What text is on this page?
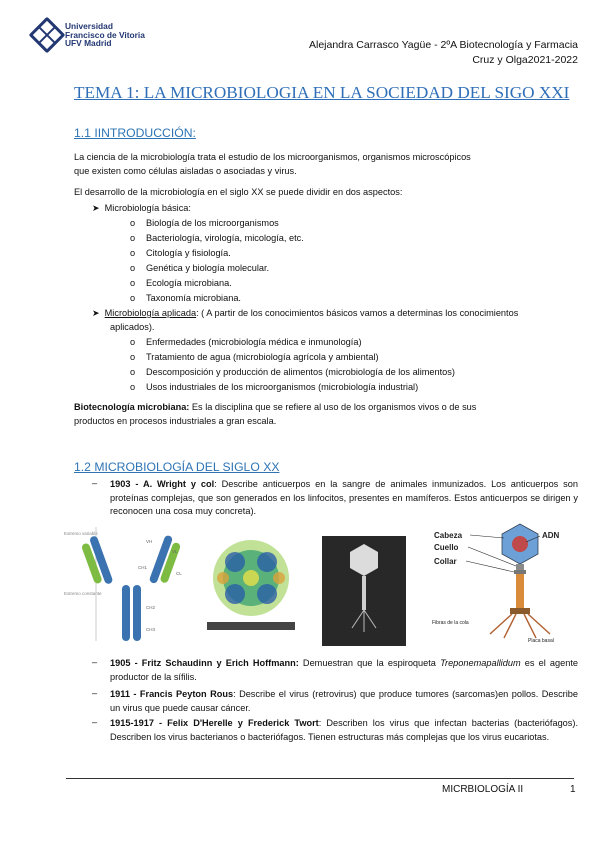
Universidad
Francisco de Vitoria
UFV Madrid	Alejandra Carrasco Yagüe - 2ºA Biotecnología y Farmacia
Cruz y Olga2021-2022
TEMA 1: LA MICROBIOLOGIA EN LA SOCIEDAD DEL SIGO XXI
1.1 IINTRODUCCIÓN:
La ciencia de la microbiología trata el estudio de los microorganismos, organismos microscópicos
que existen como células aisladas o asociadas y virus.
El desarrollo de la microbiología en el siglo XX se puede dividir en dos aspectos:
➤ Microbiología básica:
o Biología de los microorganismos
o Bacteriología, virología, micología, etc.
o Citología y fisiología.
o Genética y biología molecular.
o Ecología microbiana.
o Taxonomía microbiana.
➤ Microbiología aplicada: ( A partir de los conocimientos básicos vamos a determinas los conocimientos
aplicados).
o Enfermedades (microbiología médica e inmunología)
o Tratamiento de agua (microbiología agrícola y ambiental)
o Descomposición y producción de alimentos (microbiología de los alimentos)
o Usos industriales de los microorganismos (microbiología industrial)
Biotecnología microbiana: Es la disciplina que se refiere al uso de los organismos vivos o de sus
productos en procesos industriales a gran escala.
1.2 MICROBIOLOGÍA DEL SIGLO XX
– 1903 - A. Wright y col: Describe anticuerpos en la sangre de animales inmunizados. Los anticuerpos son proteínas complejas, que son generados en los linfocitos, presentes en mamíferos. Estos anticuerpos se dirigen y reconocen una cosa muy concreta).
Extremo variable
Extremo constante
VH
VL
CH1
CL
CH2
CH3
Cabeza
Cuello
Collar
ADN
Fibras de la cola
Placa basal
– 1905 - Fritz Schaudinn y Erich Hoffmann: Demuestran que la espiroqueta Treponemapallidum es el agente productor de la sífilis.
– 1911 - Francis Peyton Rous: Describe el virus (retrovirus) que produce tumores (sarcomas)en pollos. Describe un virus que puede causar cáncer.
– 1915-1917 - Felix D'Herelle y Frederick Twort: Describen los virus que infectan bacterias (bacteriófagos). Describen los virus bacterianos o bacteriófagos. Tienen estructuras más complejas que los virus eucariotas.
MICRBIOLOGÍA II	1
